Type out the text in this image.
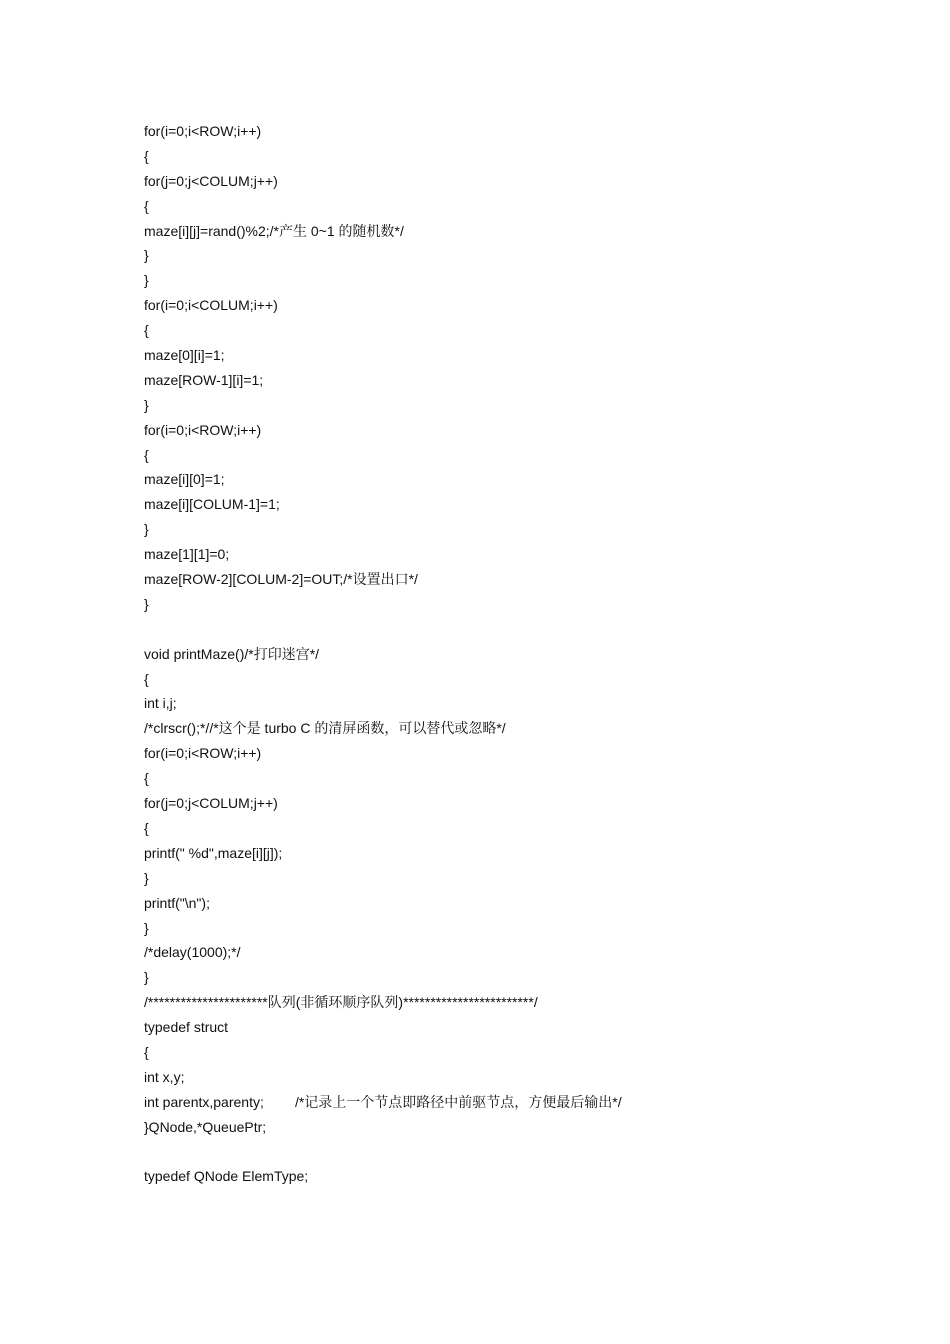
for(i=0;i<ROW;i++)
{
for(j=0;j<COLUM;j++)
{
maze[i][j]=rand()%2;/*产生 0~1 的随机数*/
}
}
for(i=0;i<COLUM;i++)
{
maze[0][i]=1;
maze[ROW-1][i]=1;
}
for(i=0;i<ROW;i++)
{
maze[i][0]=1;
maze[i][COLUM-1]=1;
}
maze[1][1]=0;
maze[ROW-2][COLUM-2]=OUT;/*设置出口*/
}
void printMaze()/*打印迷宫*/
{
int i,j;
/*clrscr();*//*这个是 turbo C 的清屏函数，可以替代或忽略*/
for(i=0;i<ROW;i++)
{
for(j=0;j<COLUM;j++)
{
printf(" %d",maze[i][j]);
}
printf("\n");
}
/*delay(1000);*/
}
/**********************队列(非循环顺序队列)************************/
typedef struct
{
int x,y;
int parentx,parenty;        /*记录上一个节点即路径中前驱节点，方便最后输出*/
}QNode,*QueuePtr;
typedef QNode ElemType;
